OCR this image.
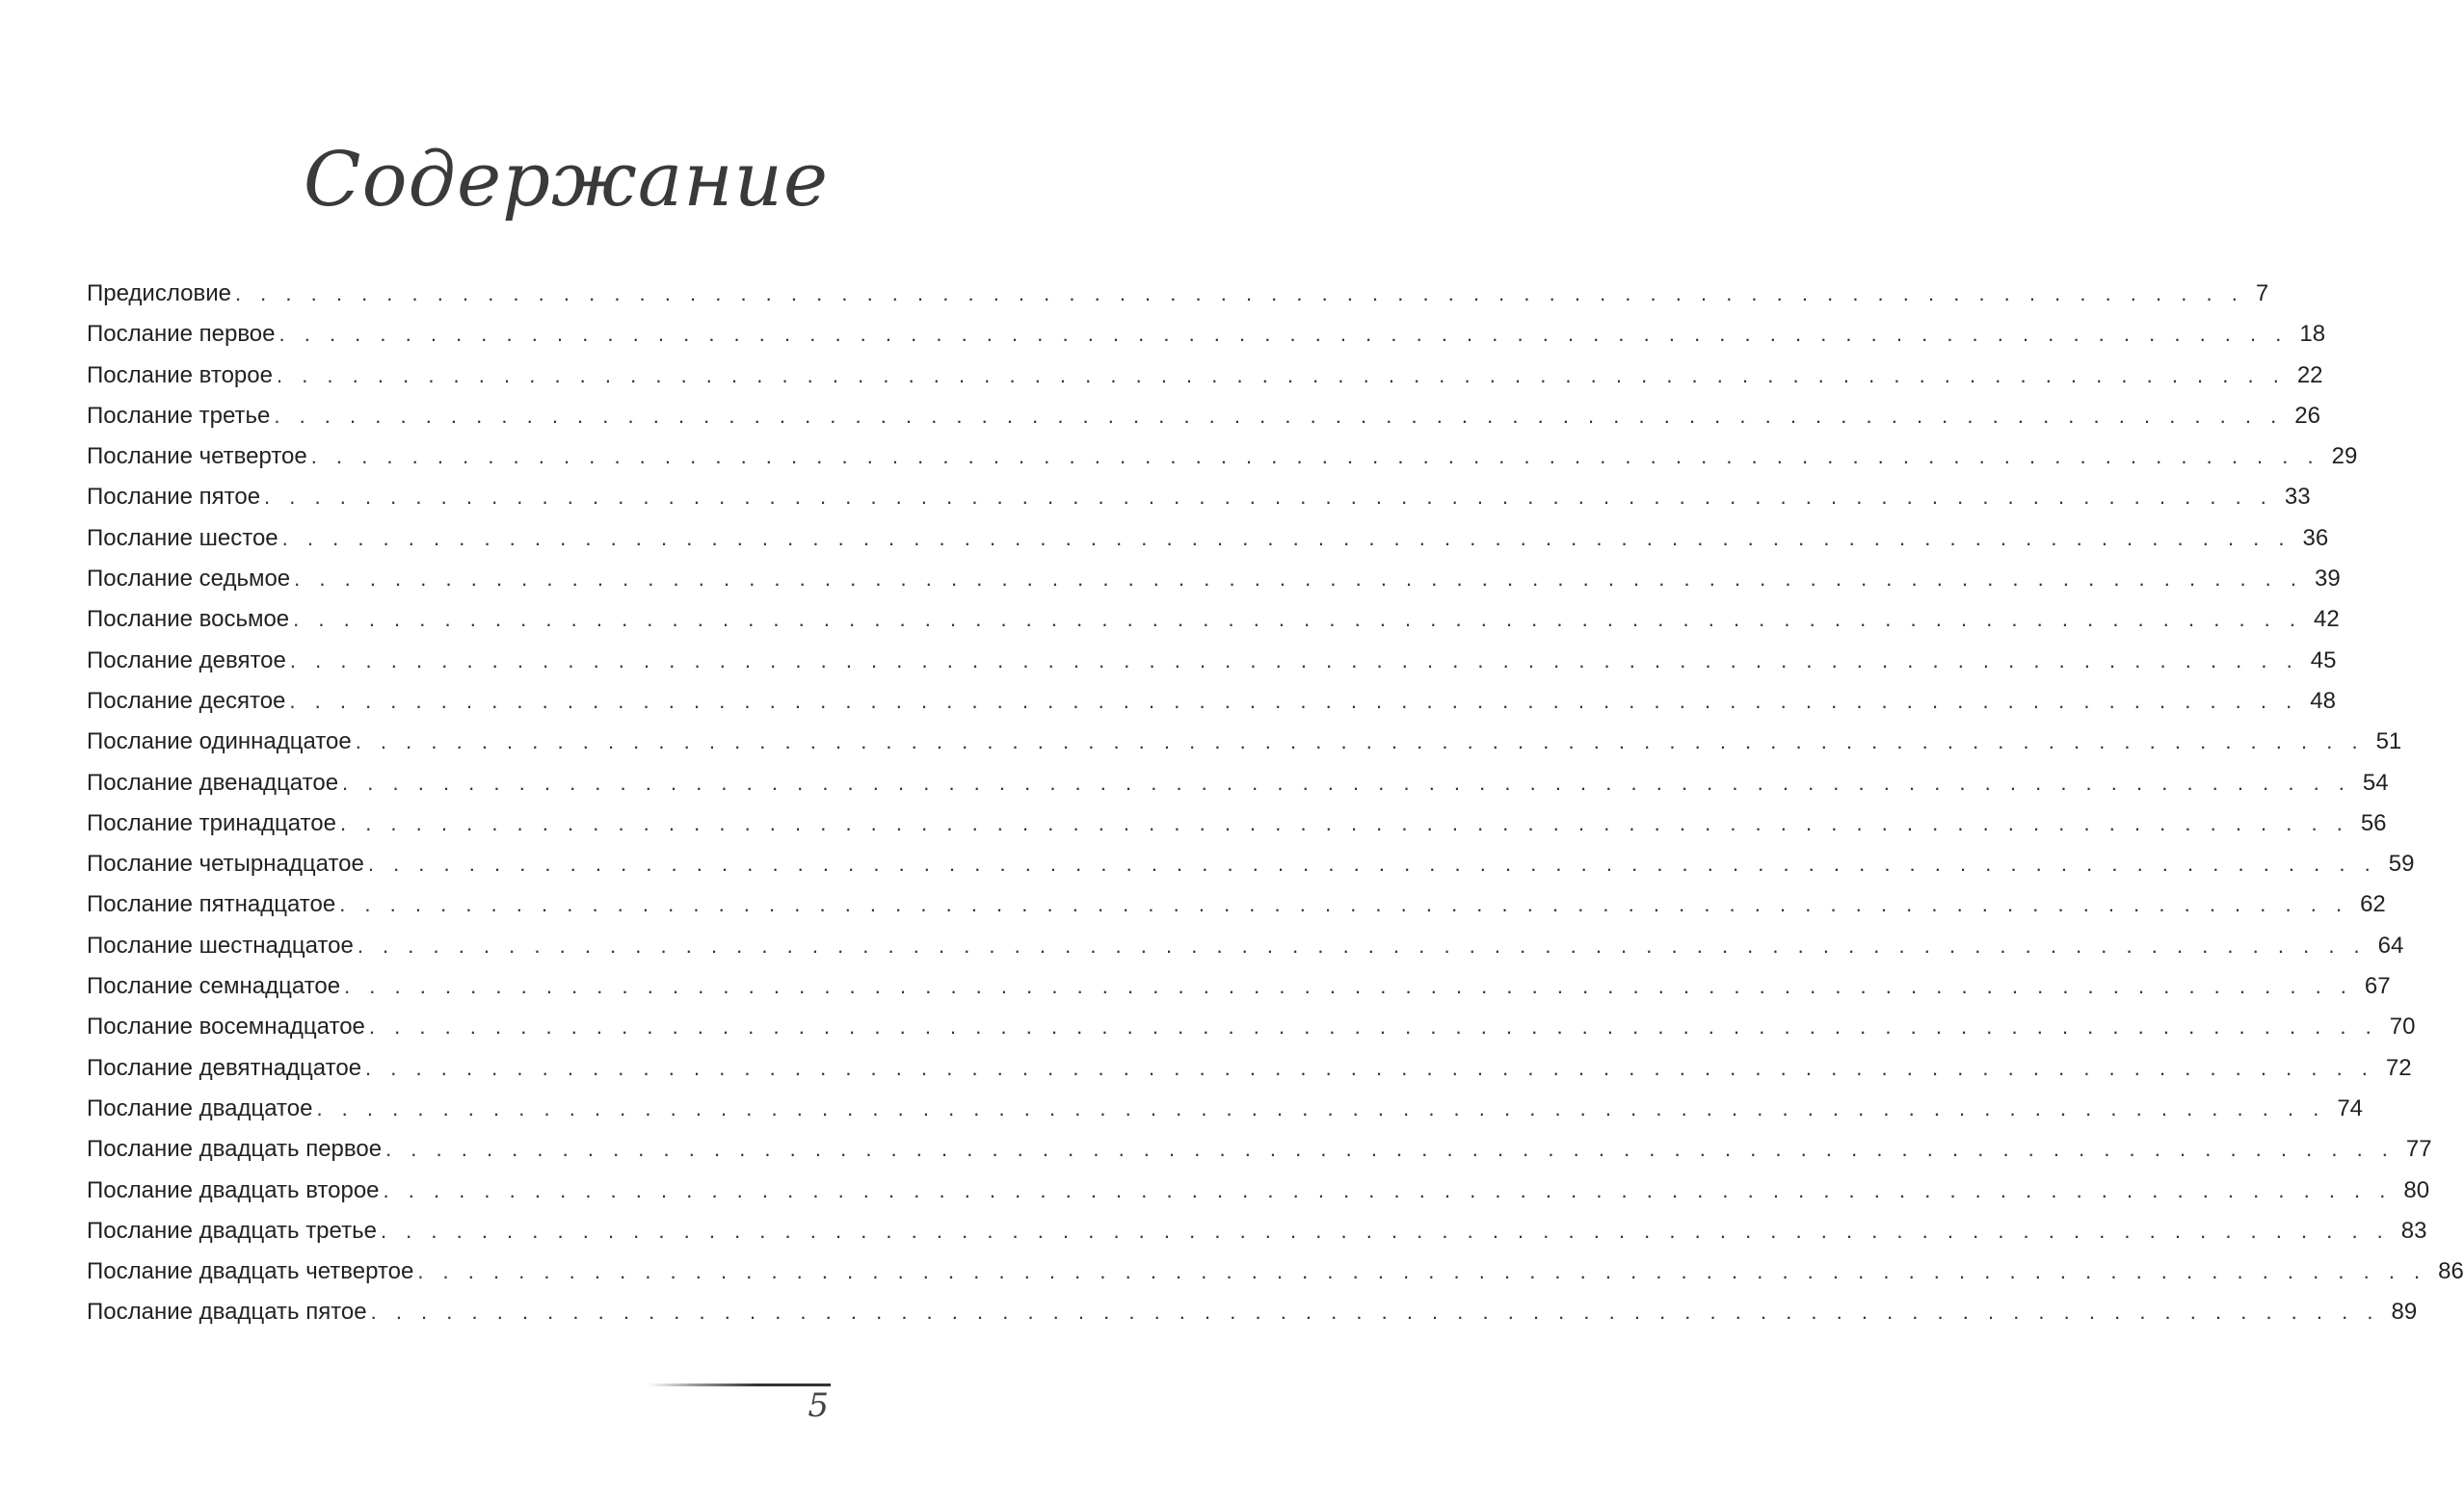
Содержание
Предисловие . . . . . . . . . . . . . . . . . . . . . . . . . . . . . . . . . . . . . . . . . . . . . . . . . . . . . . . . . . . . . . . . . . . . . . . . . . . . . . . . 7
Послание первое . . . . . . . . . . . . . . . . . . . . . . . . . . . . . . . . . . . . . . . . . . . . . . . . . . . . . . . . . . . . . . . . . . . . . . . . . . . . . . . . 18
Послание второе . . . . . . . . . . . . . . . . . . . . . . . . . . . . . . . . . . . . . . . . . . . . . . . . . . . . . . . . . . . . . . . . . . . . . . . . . . . . . . . . 22
Послание третье . . . . . . . . . . . . . . . . . . . . . . . . . . . . . . . . . . . . . . . . . . . . . . . . . . . . . . . . . . . . . . . . . . . . . . . . . . . . . . . . 26
Послание четвертое . . . . . . . . . . . . . . . . . . . . . . . . . . . . . . . . . . . . . . . . . . . . . . . . . . . . . . . . . . . . . . . . . . . . . . . . . . . . . . . . 29
Послание пятое . . . . . . . . . . . . . . . . . . . . . . . . . . . . . . . . . . . . . . . . . . . . . . . . . . . . . . . . . . . . . . . . . . . . . . . . . . . . . . . . 33
Послание шестое . . . . . . . . . . . . . . . . . . . . . . . . . . . . . . . . . . . . . . . . . . . . . . . . . . . . . . . . . . . . . . . . . . . . . . . . . . . . . . . . 36
Послание седьмое . . . . . . . . . . . . . . . . . . . . . . . . . . . . . . . . . . . . . . . . . . . . . . . . . . . . . . . . . . . . . . . . . . . . . . . . . . . . . . . . 39
Послание восьмое . . . . . . . . . . . . . . . . . . . . . . . . . . . . . . . . . . . . . . . . . . . . . . . . . . . . . . . . . . . . . . . . . . . . . . . . . . . . . . . . 42
Послание девятое . . . . . . . . . . . . . . . . . . . . . . . . . . . . . . . . . . . . . . . . . . . . . . . . . . . . . . . . . . . . . . . . . . . . . . . . . . . . . . . . 45
Послание десятое . . . . . . . . . . . . . . . . . . . . . . . . . . . . . . . . . . . . . . . . . . . . . . . . . . . . . . . . . . . . . . . . . . . . . . . . . . . . . . . . 48
Послание одиннадцатое . . . . . . . . . . . . . . . . . . . . . . . . . . . . . . . . . . . . . . . . . . . . . . . . . . . . . . . . . . . . . . . . . . . . . . . . . . . . . . . . 51
Послание двенадцатое . . . . . . . . . . . . . . . . . . . . . . . . . . . . . . . . . . . . . . . . . . . . . . . . . . . . . . . . . . . . . . . . . . . . . . . . . . . . . . . . 54
Послание тринадцатое . . . . . . . . . . . . . . . . . . . . . . . . . . . . . . . . . . . . . . . . . . . . . . . . . . . . . . . . . . . . . . . . . . . . . . . . . . . . . . . . 56
Послание четырнадцатое . . . . . . . . . . . . . . . . . . . . . . . . . . . . . . . . . . . . . . . . . . . . . . . . . . . . . . . . . . . . . . . . . . . . . . . . . . . . . . . . 59
Послание пятнадцатое . . . . . . . . . . . . . . . . . . . . . . . . . . . . . . . . . . . . . . . . . . . . . . . . . . . . . . . . . . . . . . . . . . . . . . . . . . . . . . . . 62
Послание шестнадцатое . . . . . . . . . . . . . . . . . . . . . . . . . . . . . . . . . . . . . . . . . . . . . . . . . . . . . . . . . . . . . . . . . . . . . . . . . . . . . . . . 64
Послание семнадцатое . . . . . . . . . . . . . . . . . . . . . . . . . . . . . . . . . . . . . . . . . . . . . . . . . . . . . . . . . . . . . . . . . . . . . . . . . . . . . . . . 67
Послание восемнадцатое . . . . . . . . . . . . . . . . . . . . . . . . . . . . . . . . . . . . . . . . . . . . . . . . . . . . . . . . . . . . . . . . . . . . . . . . . . . . . . . . 70
Послание девятнадцатое . . . . . . . . . . . . . . . . . . . . . . . . . . . . . . . . . . . . . . . . . . . . . . . . . . . . . . . . . . . . . . . . . . . . . . . . . . . . . . . . 72
Послание двадцатое . . . . . . . . . . . . . . . . . . . . . . . . . . . . . . . . . . . . . . . . . . . . . . . . . . . . . . . . . . . . . . . . . . . . . . . . . . . . . . . . 74
Послание двадцать первое . . . . . . . . . . . . . . . . . . . . . . . . . . . . . . . . . . . . . . . . . . . . . . . . . . . . . . . . . . . . . . . . . . . . . . . . . . . . . . . . 77
Послание двадцать второе . . . . . . . . . . . . . . . . . . . . . . . . . . . . . . . . . . . . . . . . . . . . . . . . . . . . . . . . . . . . . . . . . . . . . . . . . . . . . . . . 80
Послание двадцать третье . . . . . . . . . . . . . . . . . . . . . . . . . . . . . . . . . . . . . . . . . . . . . . . . . . . . . . . . . . . . . . . . . . . . . . . . . . . . . . . . 83
Послание двадцать четвертое . . . . . . . . . . . . . . . . . . . . . . . . . . . . . . . . . . . . . . . . . . . . . . . . . . . . . . . . . . . . . . . . . . . . . . . . . . . . . . . . 86
Послание двадцать пятое . . . . . . . . . . . . . . . . . . . . . . . . . . . . . . . . . . . . . . . . . . . . . . . . . . . . . . . . . . . . . . . . . . . . . . . . . . . . . . . . 89
5
